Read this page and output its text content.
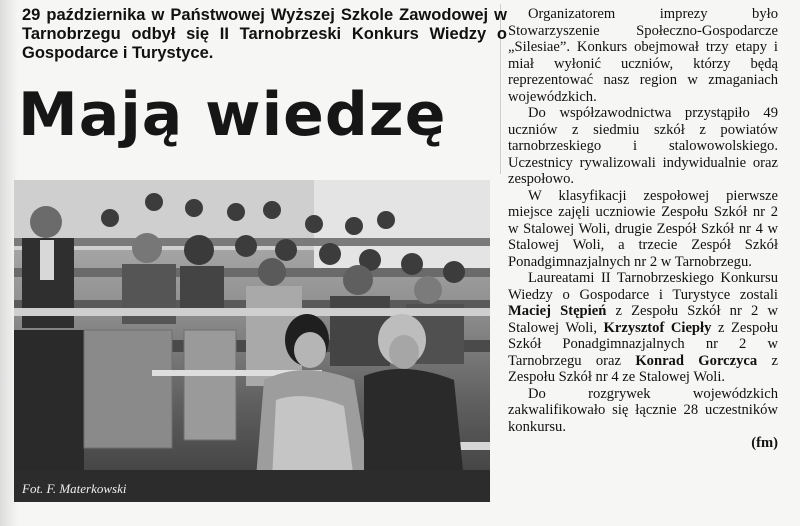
29 października w Państwowej Wyższej Szkole Zawodowej w Tarnobrzegu odbył się II Tarnobrzeski Konkurs Wiedzy o Gospodarce i Turystyce.
Mają wiedzę
Fot. F. Materkowski

Organizatorem imprezy było Stowarzyszenie Społeczno-Gospodarcze „Silesiae”. Konkurs obejmował trzy etapy i miał wyłonić uczniów, którzy będą reprezentować nasz region w zmaganiach wojewódzkich.

Do współzawodnictwa przystąpiło 49 uczniów z siedmiu szkół z powiatów tarnobrzeskiego i stalowowolskiego. Uczestnicy rywalizowali indywidualnie oraz zespołowo.

W klasyfikacji zespołowej pierwsze miejsce zajęli uczniowie Zespołu Szkół nr 2 w Stalowej Woli, drugie Zespół Szkół nr 4 w Stalowej Woli, a trzecie Zespół Szkół Ponadgimnazjalnych nr 2 w Tarnobrzegu.

Laureatami II Tarnobrzeskiego Konkursu Wiedzy o Gospodarce i Turystyce zostali Maciej Stępień z Zespołu Szkół nr 2 w Stalowej Woli, Krzysztof Ciepły z Zespołu Szkół Ponadgimnazjalnych nr 2 w Tarnobrzegu oraz Konrad Gorczyca z Zespołu Szkół nr 4 ze Stalowej Woli.

Do rozgrywek wojewódzkich zakwalifikowało się łącznie 28 uczestników konkursu.

(fm)
